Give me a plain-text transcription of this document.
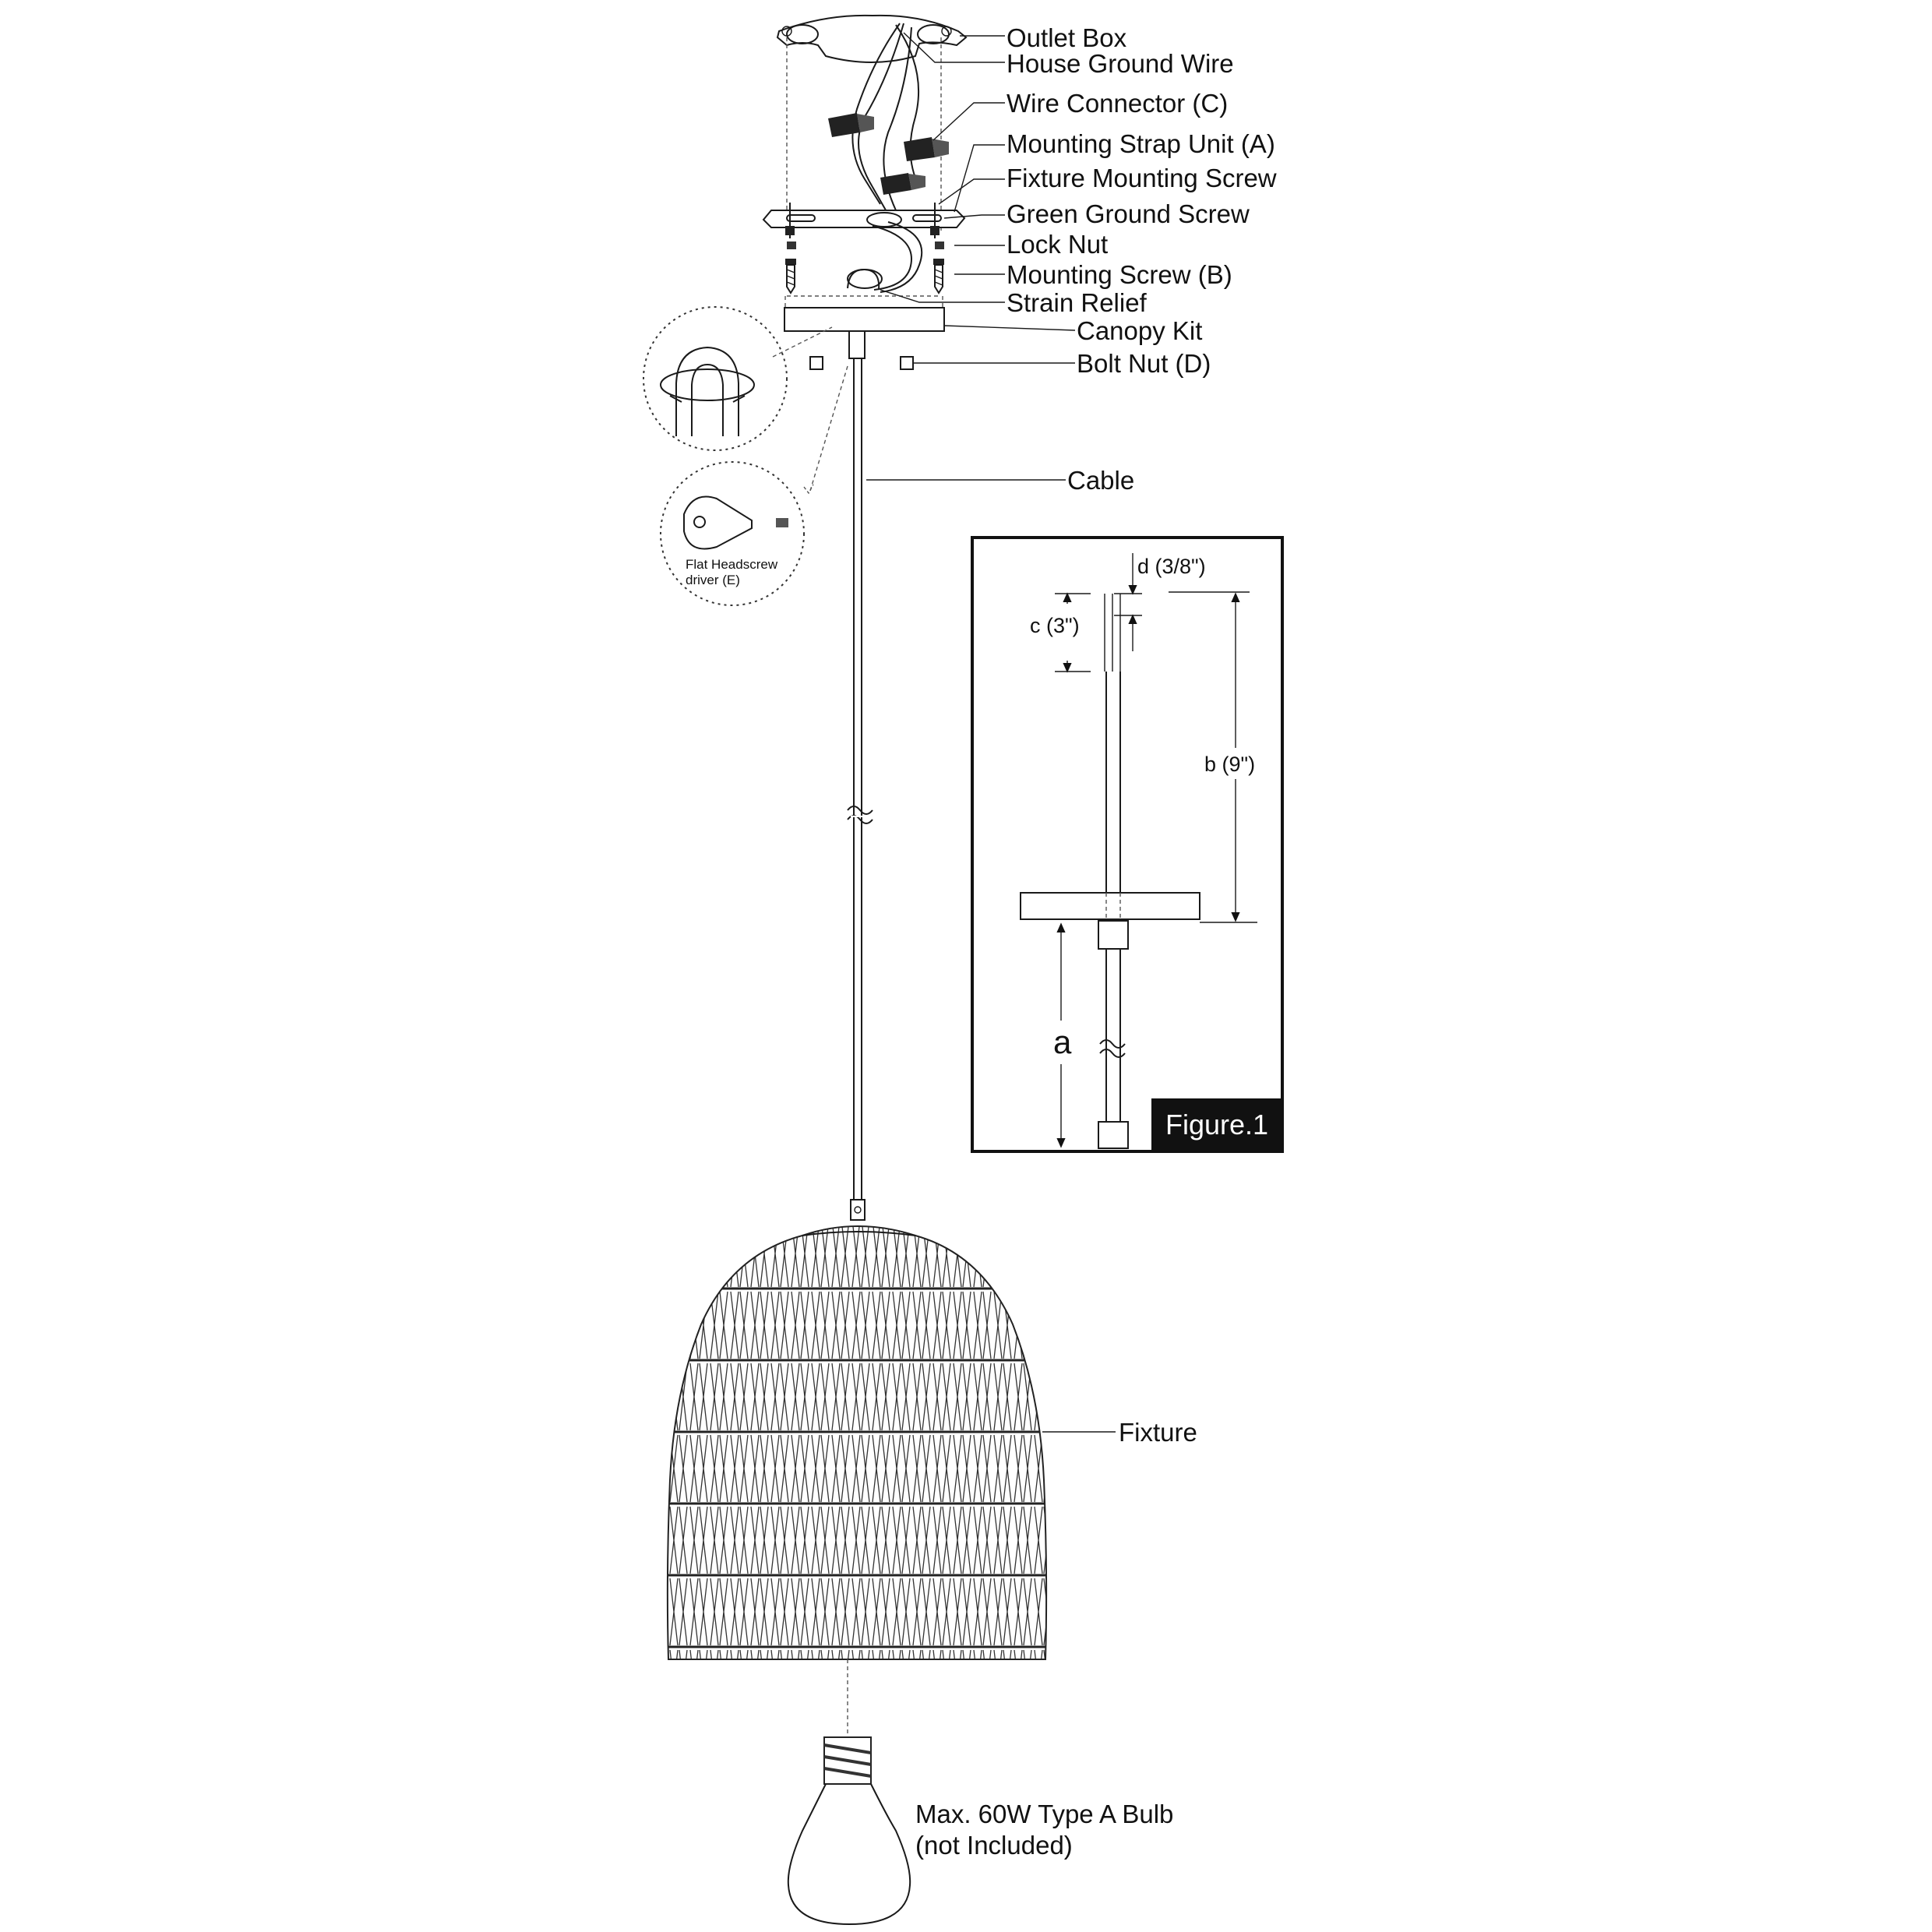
Flat Headscrew
driver (E)
Outlet Box
House Ground Wire
Wire Connector (C)
Mounting Strap Unit (A)
Fixture Mounting Screw
Green Ground Screw
Lock Nut
Mounting Screw (B)
Strain Relief
Canopy Kit
Bolt Nut (D)
Cable
Fixture
Max. 60W Type A Bulb
(not Included)
d (3/8")
c (3")
b (9")
a
Figure.1
